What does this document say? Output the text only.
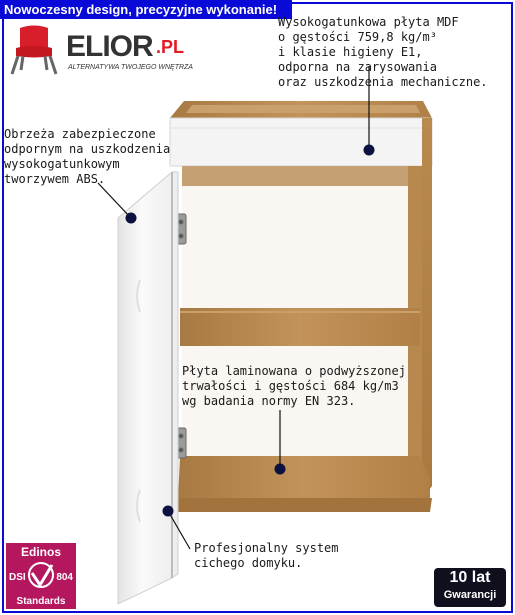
Nowoczesny design, precyzyjne wykonanie!
ELIOR .PL
ALTERNATYWA TWOJEGO WNĘTRZA
Wysokogatunkowa płyta MDF
o gęstości 759,8 kg/m³
i klasie higieny E1,
odporna na zarysowania
oraz uszkodzenia mechaniczne.
Obrzeża zabezpieczone
odpornym na uszkodzenia
wysokogatunkowym
tworzywem ABS.
Płyta laminowana o podwyższonej
trwałości i gęstości 684 kg/m3
wg badania normy EN 323.
Profesjonalny system
cichego domyku.
Edinos
DSI	804
Standards
10 lat
Gwarancji
